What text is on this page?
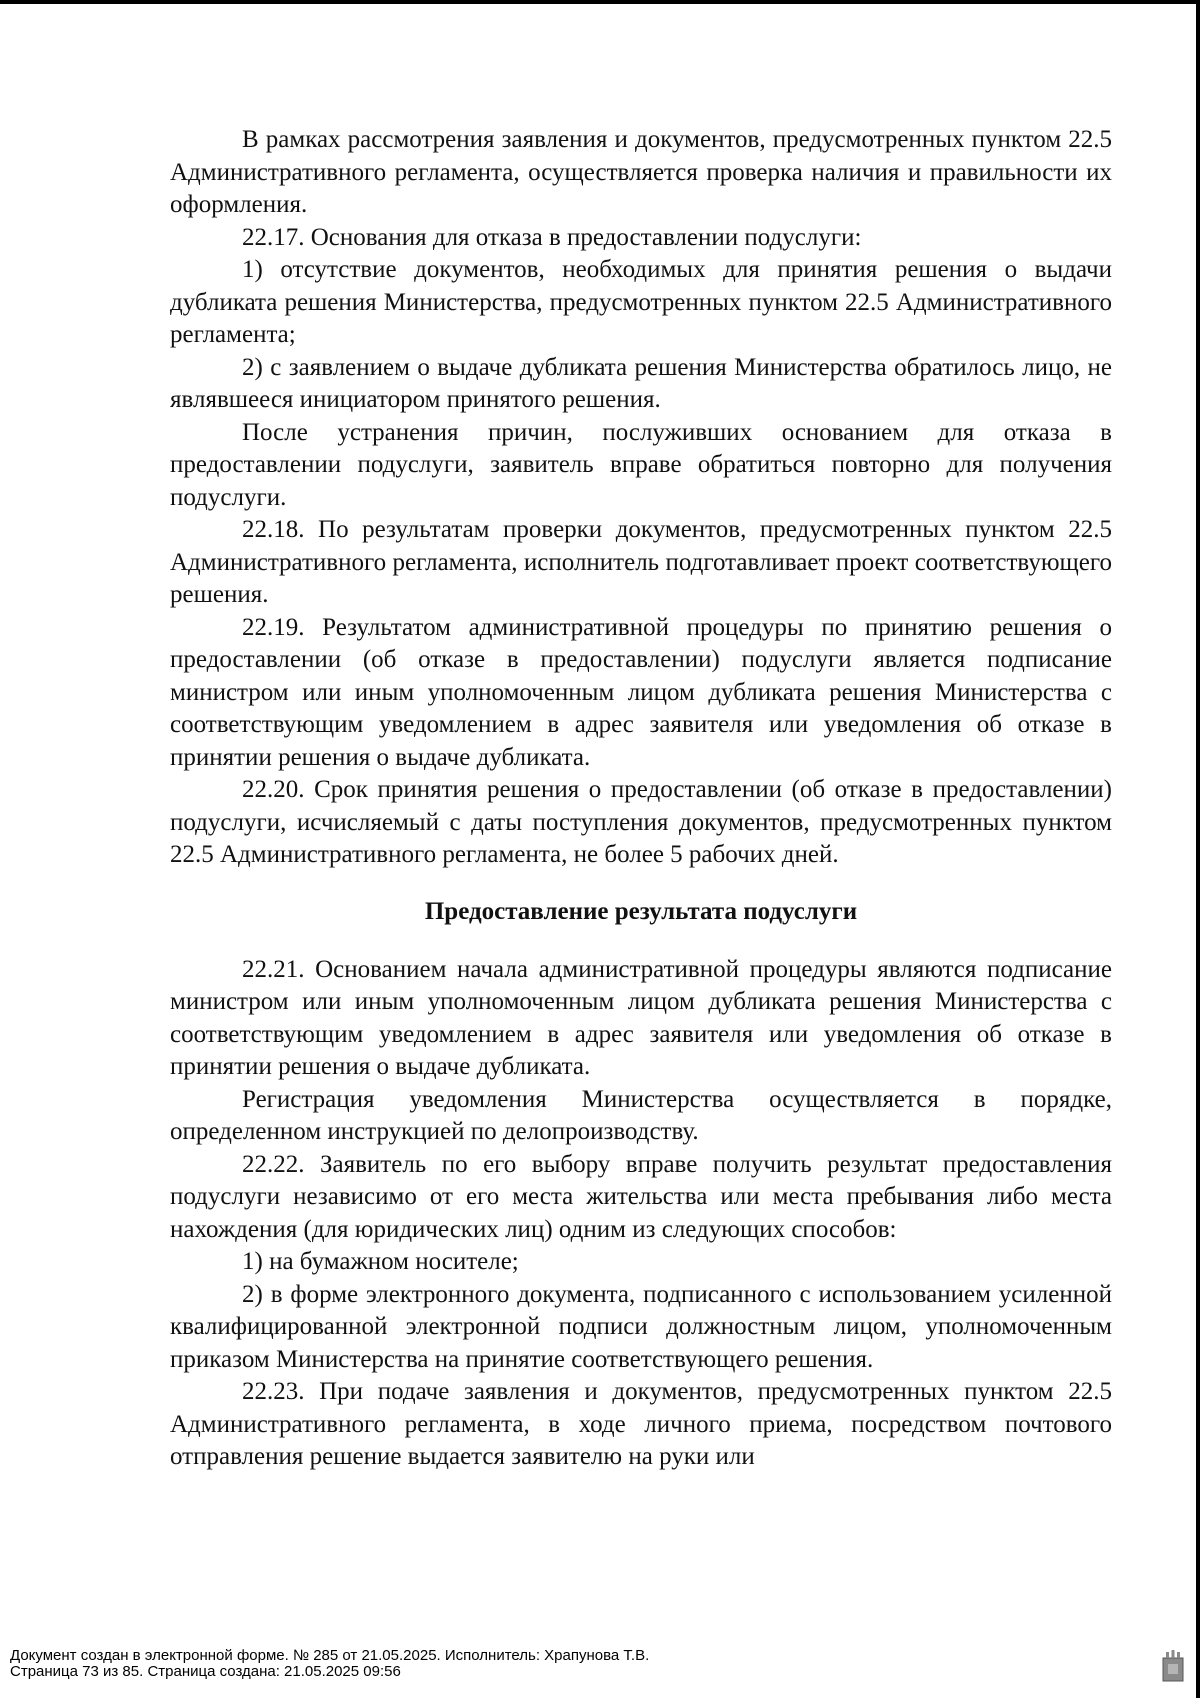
В рамках рассмотрения заявления и документов, предусмотренных пунктом 22.5 Административного регламента, осуществляется проверка наличия и правильности их оформления.

22.17. Основания для отказа в предоставлении подуслуги:

1) отсутствие документов, необходимых для принятия решения о выдачи дубликата решения Министерства, предусмотренных пунктом 22.5 Административного регламента;

2) с заявлением о выдаче дубликата решения Министерства обратилось лицо, не являвшееся инициатором принятого решения.

После устранения причин, послуживших основанием для отказа в предоставлении подуслуги, заявитель вправе обратиться повторно для получения подуслуги.

22.18. По результатам проверки документов, предусмотренных пунктом 22.5 Административного регламента, исполнитель подготавливает проект соответствующего решения.

22.19. Результатом административной процедуры по принятию решения о предоставлении (об отказе в предоставлении) подуслуги является подписание министром или иным уполномоченным лицом дубликата решения Министерства с соответствующим уведомлением в адрес заявителя или уведомления об отказе в принятии решения о выдаче дубликата.

22.20. Срок принятия решения о предоставлении (об отказе в предоставлении) подуслуги, исчисляемый с даты поступления документов, предусмотренных пунктом 22.5 Административного регламента, не более 5 рабочих дней.

Предоставление результата подуслуги

22.21. Основанием начала административной процедуры являются подписание министром или иным уполномоченным лицом дубликата решения Министерства с соответствующим уведомлением в адрес заявителя или уведомления об отказе в принятии решения о выдаче дубликата.

Регистрация уведомления Министерства осуществляется в порядке, определенном инструкцией по делопроизводству.

22.22. Заявитель по его выбору вправе получить результат предоставления подуслуги независимо от его места жительства или места пребывания либо места нахождения (для юридических лиц) одним из следующих способов:

1) на бумажном носителе;

2) в форме электронного документа, подписанного с использованием усиленной квалифицированной электронной подписи должностным лицом, уполномоченным приказом Министерства на принятие соответствующего решения.

22.23. При подаче заявления и документов, предусмотренных пунктом 22.5 Административного регламента, в ходе личного приема, посредством почтового отправления решение выдается заявителю на руки или

Документ создан в электронной форме. № 285 от 21.05.2025. Исполнитель: Храпунова Т.В.
Страница 73 из 85. Страница создана: 21.05.2025 09:56
